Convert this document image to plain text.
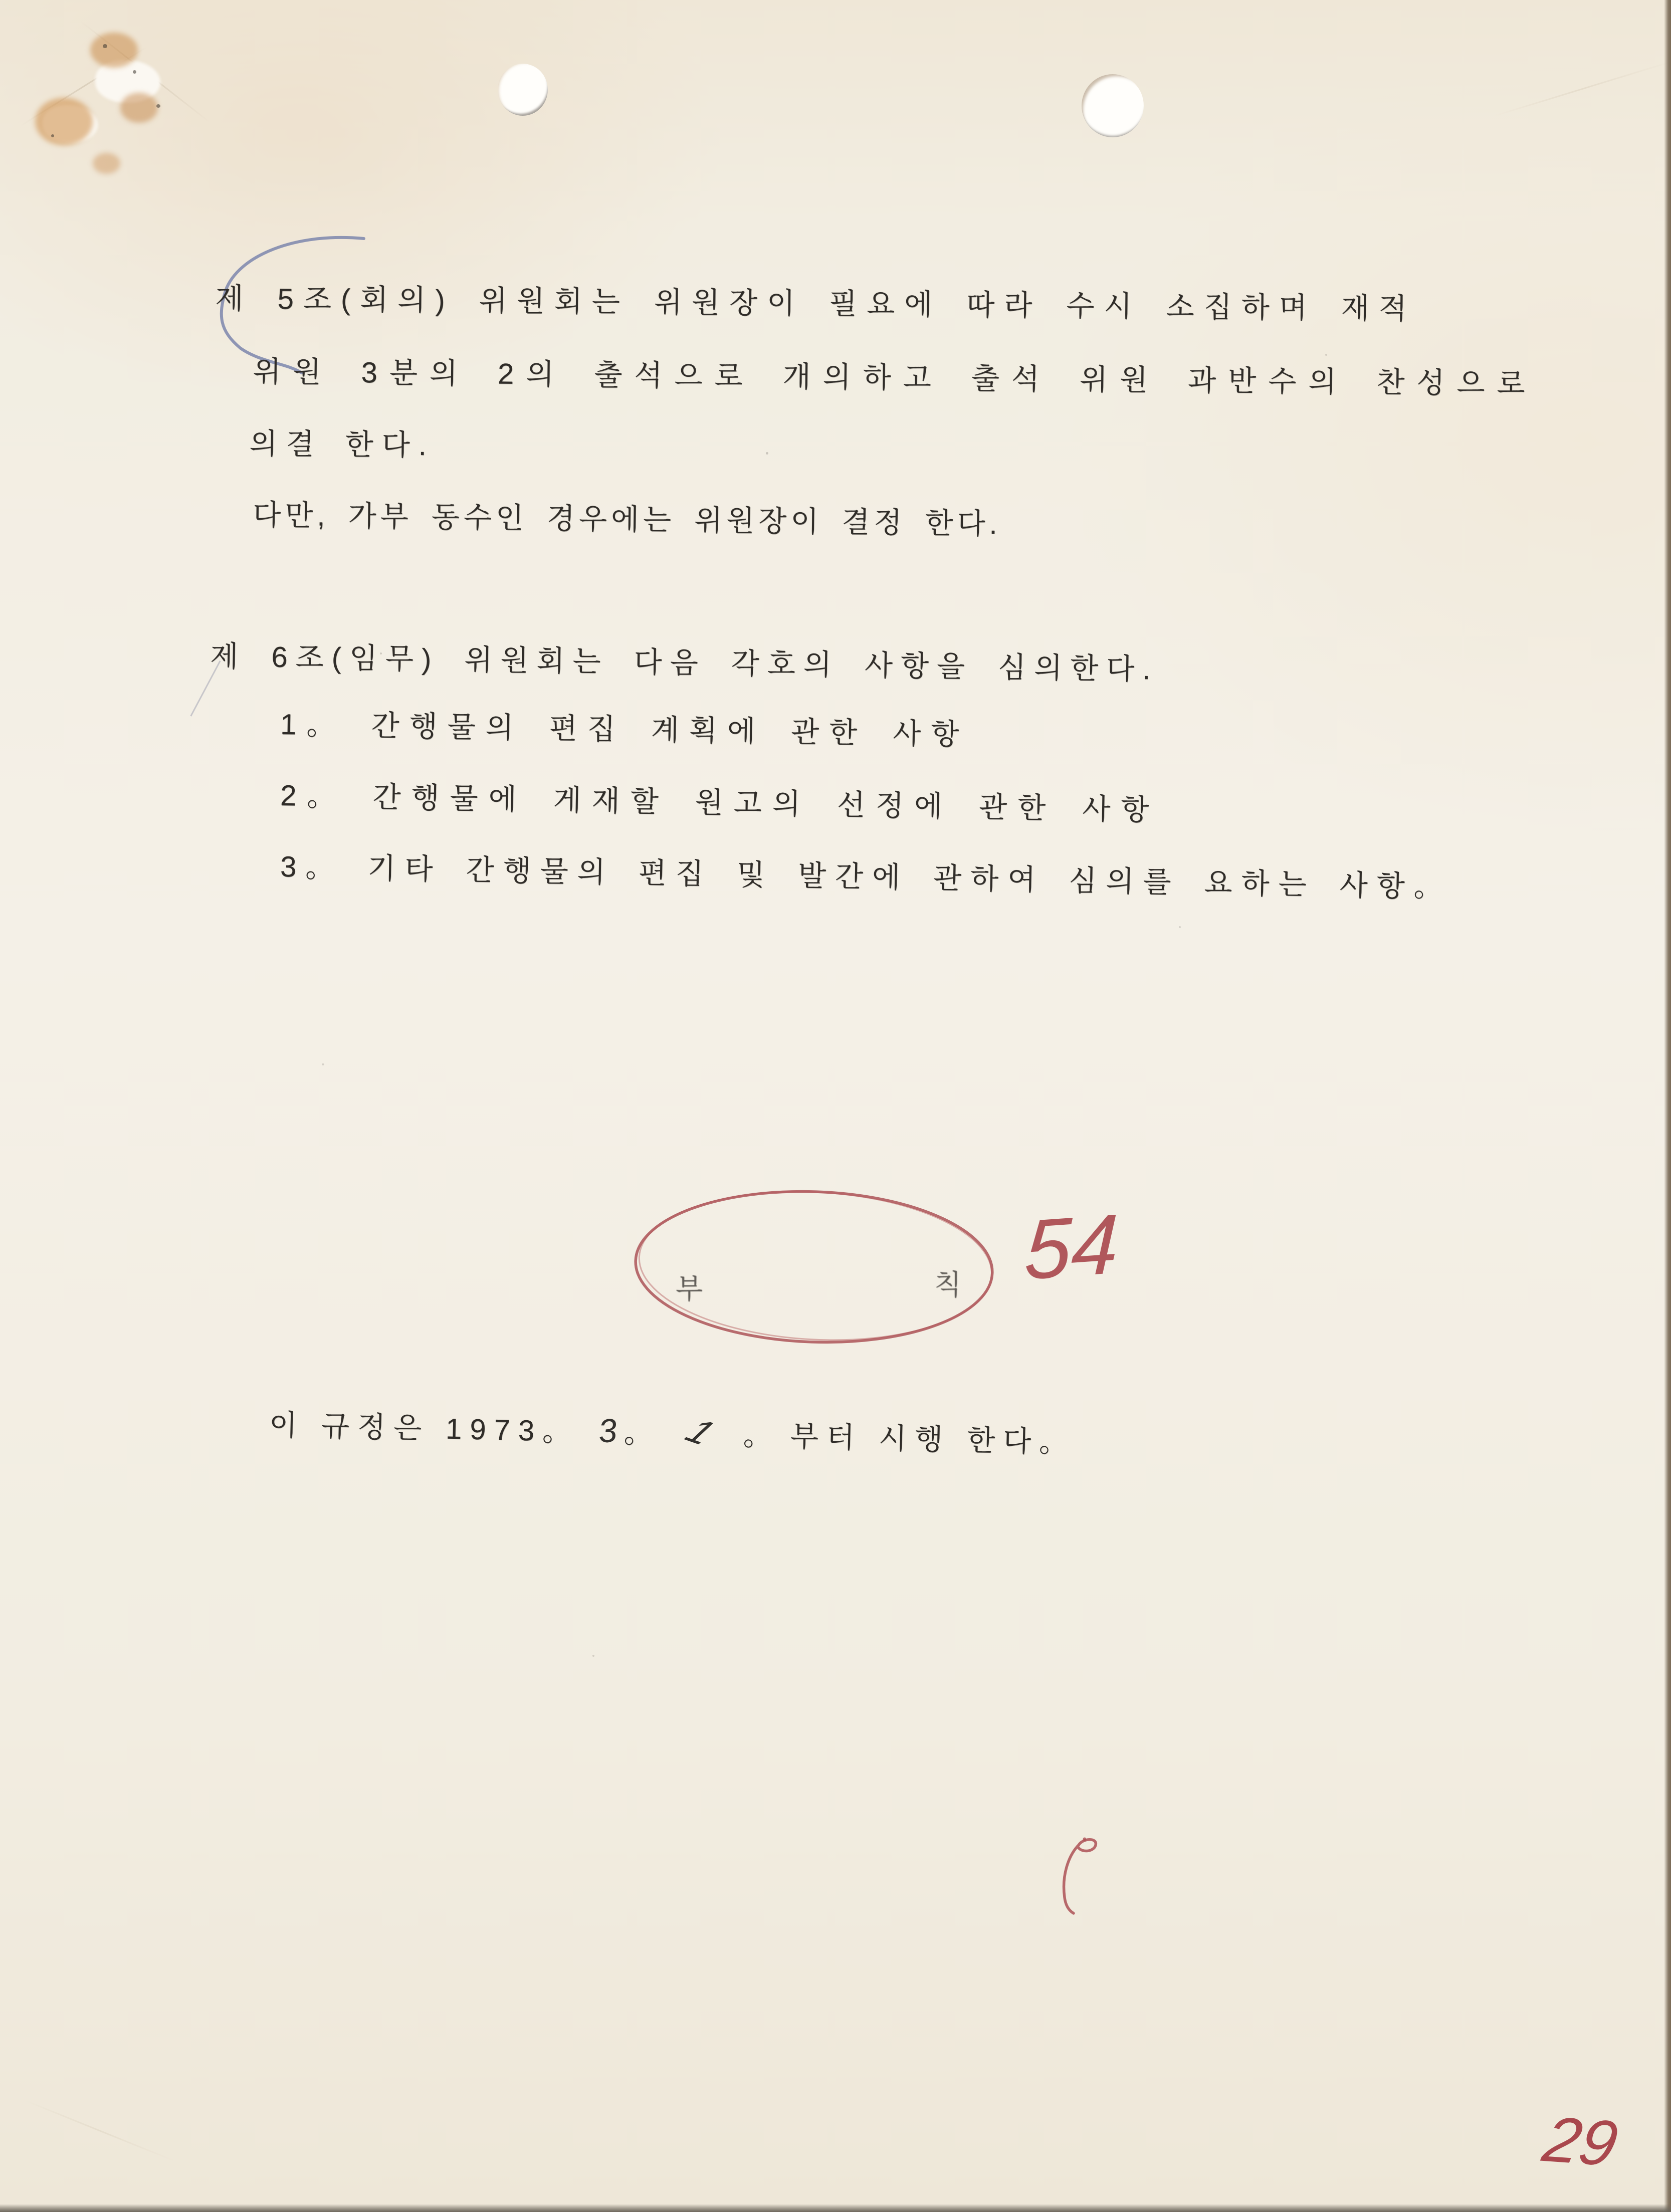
제 5조(회의) 위원회는 위원장이 필요에 따라 수시 소집하며 재적
위원 3분의 2의 출석으로 개의하고 출석 위원 과반수의 찬성으로
의결 한다.
다만, 가부 동수인 경우에는 위원장이 결정 한다.
제 6조(임무) 위원회는 다음 각호의 사항을 심의한다.
1。 간행물의 편집 계획에 관한 사항
2。 간행물에 게재할 원고의 선정에 관한 사항
3。 기타 간행물의 편집 및 발간에 관하여 심의를 요하는 사항。
부	칙 54
이 규정은 1973。 3 。 1 。 부터 시행 한다。
29
